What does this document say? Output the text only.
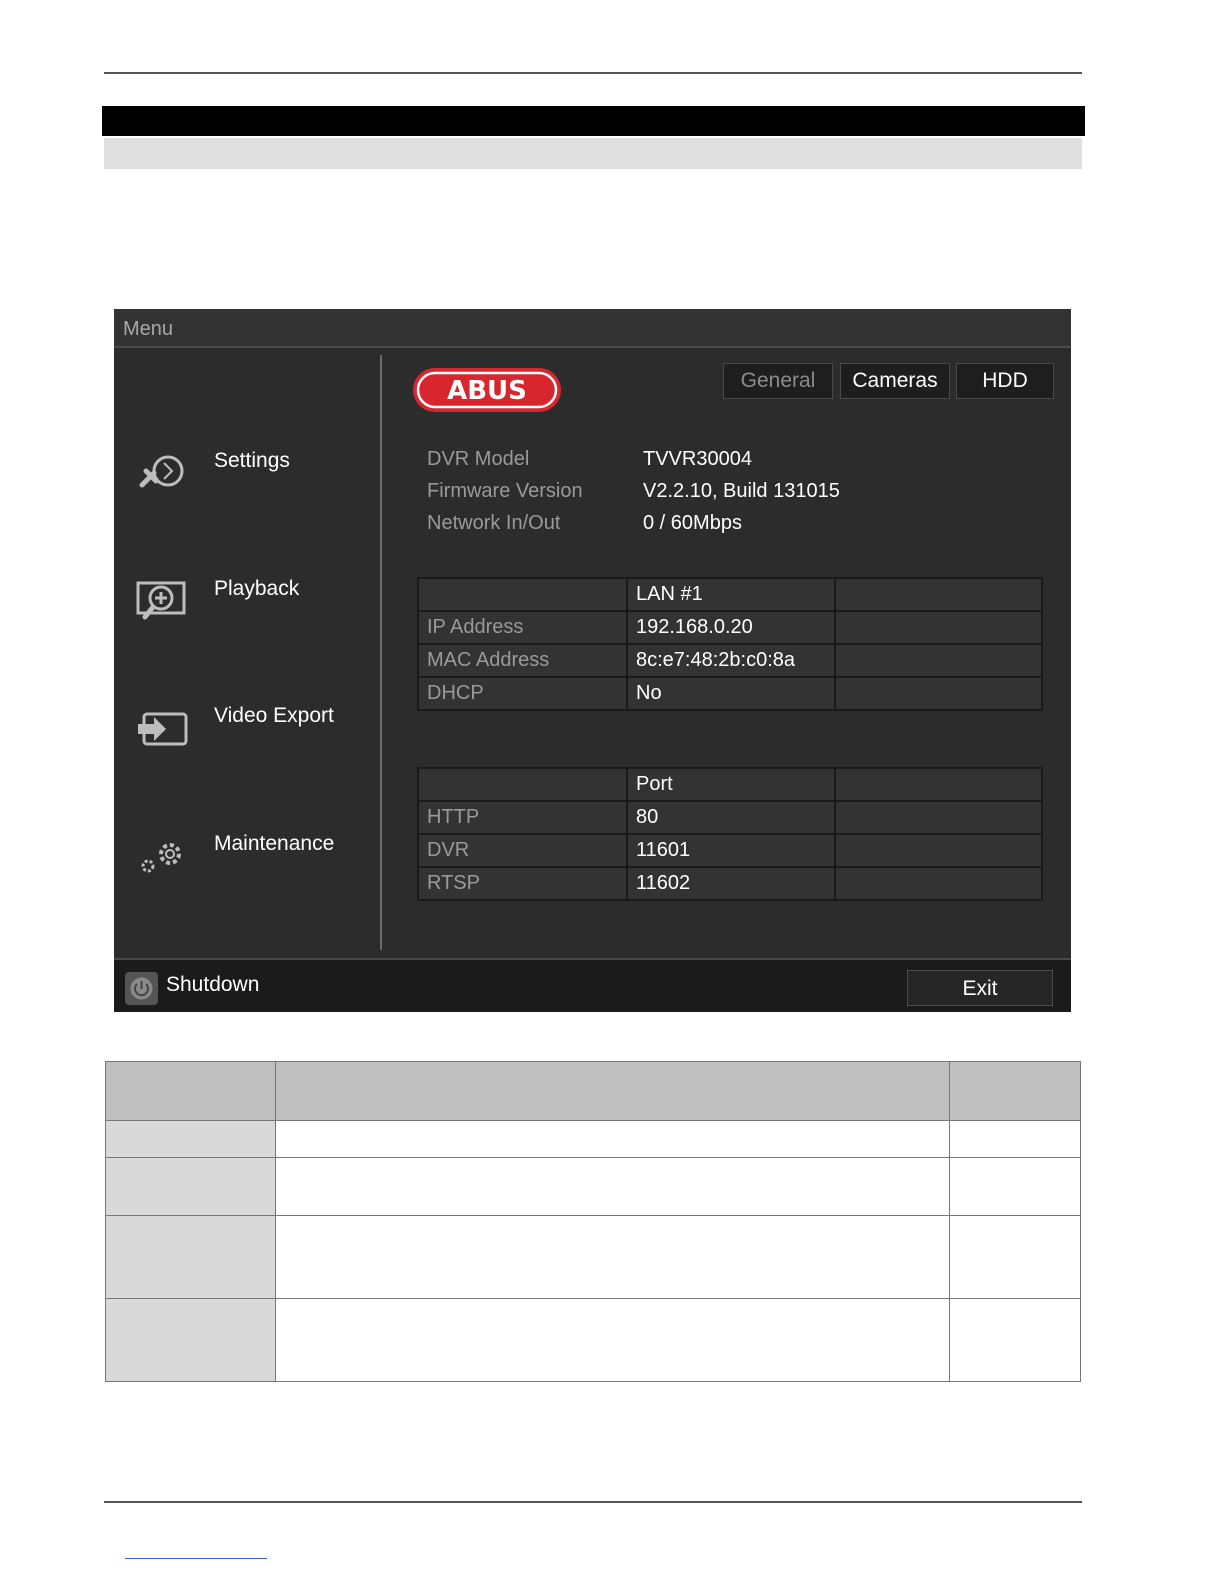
Menu
Settings
Playback
Video Export
Maintenance
ABUS	General	Cameras	HDD
DVR Model	TVVR30004
Firmware Version	V2.2.10, Build 131015
Network In/Out	0 / 60Mbps
	LAN #1	
IP Address	192.168.0.20	
MAC Address	8c:e7:48:2b:c0:8a	
DHCP	No	
	Port	
HTTP	80	
DVR	11601	
RTSP	11602	
Shutdown	Exit
